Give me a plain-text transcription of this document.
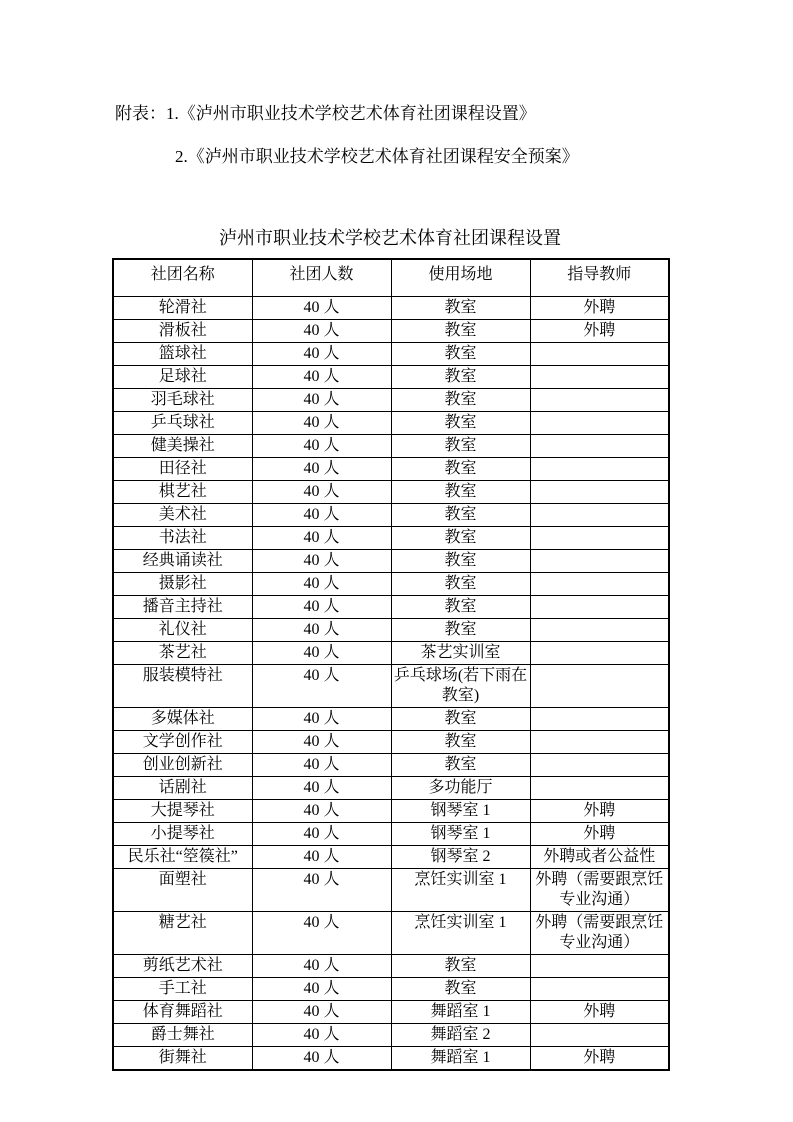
附表：1.《泸州市职业技术学校艺术体育社团课程设置》

2.《泸州市职业技术学校艺术体育社团课程安全预案》

泸州市职业技术学校艺术体育社团课程设置
社团名称	社团人数	使用场地	指导教师
轮滑社	40 人	教室	外聘
滑板社	40 人	教室	外聘
篮球社	40 人	教室	
足球社	40 人	教室	
羽毛球社	40 人	教室	
乒乓球社	40 人	教室	
健美操社	40 人	教室	
田径社	40 人	教室	
棋艺社	40 人	教室	
美术社	40 人	教室	
书法社	40 人	教室	
经典诵读社	40 人	教室	
摄影社	40 人	教室	
播音主持社	40 人	教室	
礼仪社	40 人	教室	
茶艺社	40 人	茶艺实训室	
服装模特社	40 人	乒乓球场(若下雨在教室)	
多媒体社	40 人	教室	
文学创作社	40 人	教室	
创业创新社	40 人	教室	
话剧社	40 人	多功能厅	
大提琴社	40 人	钢琴室 1	外聘
小提琴社	40 人	钢琴室 1	外聘
民乐社“箜篌社”	40 人	钢琴室 2	外聘或者公益性
面塑社	40 人	烹饪实训室 1	外聘（需要跟烹饪专业沟通）
糖艺社	40 人	烹饪实训室 1	外聘（需要跟烹饪专业沟通）
剪纸艺术社	40 人	教室	
手工社	40 人	教室	
体育舞蹈社	40 人	舞蹈室 1	外聘
爵士舞社	40 人	舞蹈室 2	
街舞社	40 人	舞蹈室 1	外聘
